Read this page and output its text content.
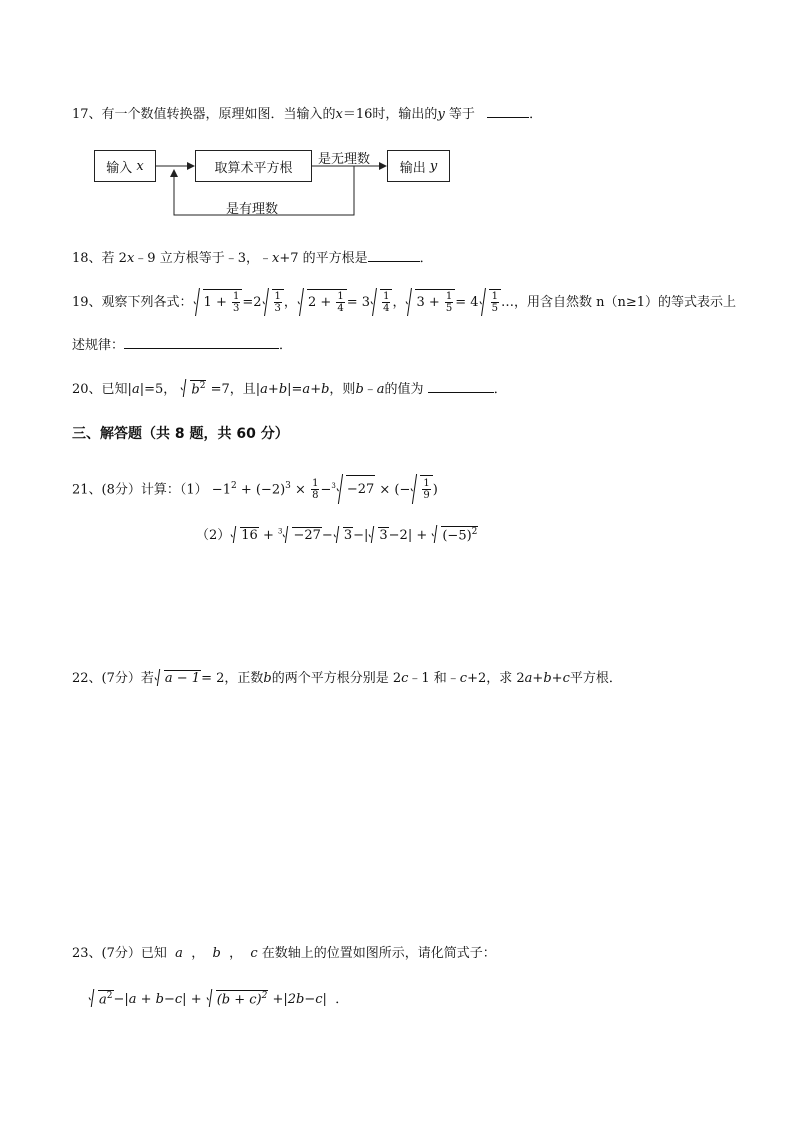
17、有一个数值转换器，原理如图．当输入的x＝16时，输出的y 等于	．
输入
x	取算术平方根	输出
y
是无理数
是有理数
18、若 2x﹣9 立方根等于﹣3，﹣x+7 的平方根是	．
19、观察下列各式： $1 + \frac{1}{3} =2 \frac{1}{3}$ ， $2 + \frac{1}{4} = 3 \frac{1}{4}$ ， $3 + \frac{1}{5} = 4 \frac{1}{5}$ …，用含自然数 n（n≥1）的等式表示上
述规律：	．
20、已知|a|=5， $b^2 =7$，且|a+b|=a+b，则b﹣a的值为	．
三、解答题（共 8 题，共 60 分）
21、(8分）计算：$(1) -1^2 + (-2)^3 \times \frac{1}{8} -^3 -27$ × (− $\frac{1}{9}$ )
（2） 16 + $^3$ −27− 3−| $3-2| + (-5)^2$
22、(7分）若 a − 1= 2，正数b的两个平方根分别是 2c﹣1 和﹣c+2，求 2a+b+c平方根．
23、(7分）已知 a ， b ， c 在数轴上的位置如图所示，请化简式子：
$a^2-|a + b-c| + (b + c)^2 +|2b-c|$ ．
